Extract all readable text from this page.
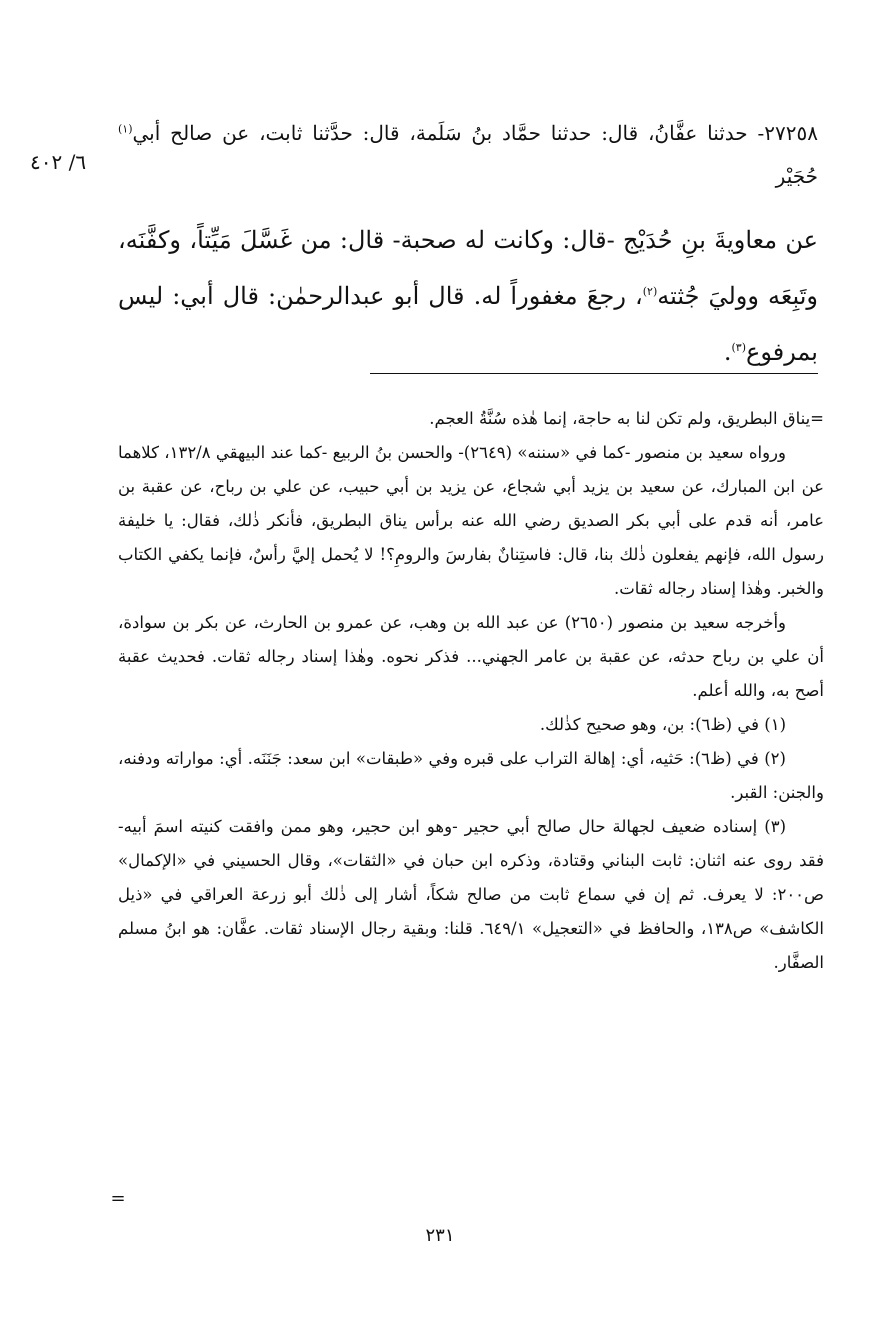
٦/ ٤٠٢
٢٧٢٥٨- حدثنا عفَّانُ، قال: حدثنا حمَّاد بنُ سَلَمة، قال: حدَّثنا ثابت، عن صالح أبي$^{(١)}$ حُجَيْر
عن معاويةَ بنِ حُدَيْج -قال: وكانت له صحبة- قال: من غَسَّلَ مَيِّتاً، وكفَّنَه، وتَبِعَه ووليَ جُثته$^{(٢)}$، رجعَ مغفوراً له. قال أبو عبدالرحمٰن: قال أبي: ليس بمرفوع$^{(٣)}$.

=يناق البطريق، ولم تكن لنا به حاجة، إنما هٰذه سُنَّةُ العجم.

ورواه سعيد بن منصور -كما في «سننه» (٢٦٤٩)- والحسن بنُ الربيع -كما عند البيهقي ١٣٢/٨، كلاهما عن ابن المبارك، عن سعيد بن يزيد أبي شجاع، عن يزيد بن أبي حبيب، عن علي بن رباح، عن عقبة بن عامر، أنه قدم على أبي بكر الصديق رضي الله عنه برأس يناق البطريق، فأنكر ذٰلك، فقال: يا خليفة رسول الله، فإنهم يفعلون ذٰلك بنا، قال: فاستِنانٌ بفارسَ والرومِ؟! لا يُحمل إليَّ رأسٌ، فإنما يكفي الكتاب والخبر. وهٰذا إسناد رجاله ثقات.

وأخرجه سعيد بن منصور (٢٦٥٠) عن عبد الله بن وهب، عن عمرو بن الحارث، عن بكر بن سوادة، أن علي بن رباح حدثه، عن عقبة بن عامر الجهني... فذكر نحوه. وهٰذا إسناد رجاله ثقات. فحديث عقبة أصح به، والله أعلم.

(١) في (ظ٦): بن، وهو صحيح كذٰلك.

(٢) في (ظ٦): حَثيه، أي: إهالة التراب على قبره وفي «طبقات» ابن سعد: جَنَنَه. أي: مواراته ودفنه، والجنن: القبر.

(٣) إسناده ضعيف لجهالة حال صالح أبي حجير -وهو ابن حجير، وهو ممن وافقت كنيته اسمَ أبيه- فقد روى عنه اثنان: ثابت البناني وقتادة، وذكره ابن حبان في «الثقات»، وقال الحسيني في «الإكمال» ص٢٠٠: لا يعرف. ثم إن في سماع ثابت من صالح شكاً، أشار إلى ذٰلك أبو زرعة العراقي في «ذيل الكاشف» ص١٣٨، والحافظ في «التعجيل» ٦٤٩/١. قلنا: وبقية رجال الإسناد ثقات. عفَّان: هو ابنُ مسلم الصفَّار.

=
٢٣١
